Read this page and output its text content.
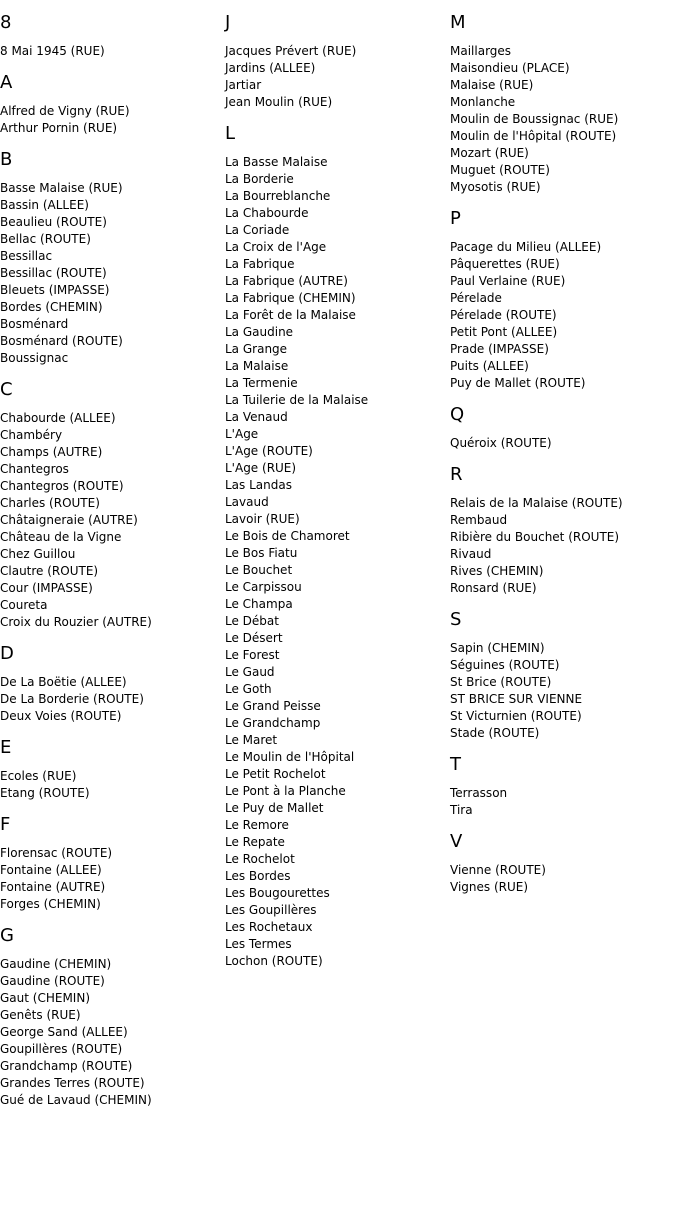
8
8 Mai 1945 (RUE)
A
Alfred de Vigny (RUE)
Arthur Pornin (RUE)
B
Basse Malaise (RUE)
Bassin (ALLEE)
Beaulieu (ROUTE)
Bellac (ROUTE)
Bessillac
Bessillac (ROUTE)
Bleuets (IMPASSE)
Bordes (CHEMIN)
Bosménard
Bosménard (ROUTE)
Boussignac
C
Chabourde (ALLEE)
Chambéry
Champs (AUTRE)
Chantegros
Chantegros (ROUTE)
Charles (ROUTE)
Châtaigneraie (AUTRE)
Château de la Vigne
Chez Guillou
Clautre (ROUTE)
Cour (IMPASSE)
Coureta
Croix du Rouzier (AUTRE)
D
De La Boëtie (ALLEE)
De La Borderie (ROUTE)
Deux Voies (ROUTE)
E
Ecoles (RUE)
Etang (ROUTE)
F
Florensac (ROUTE)
Fontaine (ALLEE)
Fontaine (AUTRE)
Forges (CHEMIN)
G
Gaudine (CHEMIN)
Gaudine (ROUTE)
Gaut (CHEMIN)
Genêts (RUE)
George Sand (ALLEE)
Goupillères (ROUTE)
Grandchamp (ROUTE)
Grandes Terres (ROUTE)
Gué de Lavaud (CHEMIN)
J
Jacques Prévert (RUE)
Jardins (ALLEE)
Jartiar
Jean Moulin (RUE)
L
La Basse Malaise
La Borderie
La Bourreblanche
La Chabourde
La Coriade
La Croix de l'Age
La Fabrique
La Fabrique (AUTRE)
La Fabrique (CHEMIN)
La Forêt de la Malaise
La Gaudine
La Grange
La Malaise
La Termenie
La Tuilerie de la Malaise
La Venaud
L'Age
L'Age (ROUTE)
L'Age (RUE)
Las Landas
Lavaud
Lavoir (RUE)
Le Bois de Chamoret
Le Bos Fiatu
Le Bouchet
Le Carpissou
Le Champa
Le Débat
Le Désert
Le Forest
Le Gaud
Le Goth
Le Grand Peisse
Le Grandchamp
Le Maret
Le Moulin de l'Hôpital
Le Petit Rochelot
Le Pont à la Planche
Le Puy de Mallet
Le Remore
Le Repate
Le Rochelot
Les Bordes
Les Bougourettes
Les Goupillères
Les Rochetaux
Les Termes
Lochon (ROUTE)
M
Maillarges
Maisondieu (PLACE)
Malaise (RUE)
Monlanche
Moulin de Boussignac (RUE)
Moulin de l'Hôpital (ROUTE)
Mozart (RUE)
Muguet (ROUTE)
Myosotis (RUE)
P
Pacage du Milieu (ALLEE)
Pâquerettes (RUE)
Paul Verlaine (RUE)
Pérelade
Pérelade (ROUTE)
Petit Pont (ALLEE)
Prade (IMPASSE)
Puits (ALLEE)
Puy de Mallet (ROUTE)
Q
Quéroix (ROUTE)
R
Relais de la Malaise (ROUTE)
Rembaud
Ribière du Bouchet (ROUTE)
Rivaud
Rives (CHEMIN)
Ronsard (RUE)
S
Sapin (CHEMIN)
Séguines (ROUTE)
St Brice (ROUTE)
ST BRICE SUR VIENNE
St Victurnien (ROUTE)
Stade (ROUTE)
T
Terrasson
Tira
V
Vienne (ROUTE)
Vignes (RUE)
